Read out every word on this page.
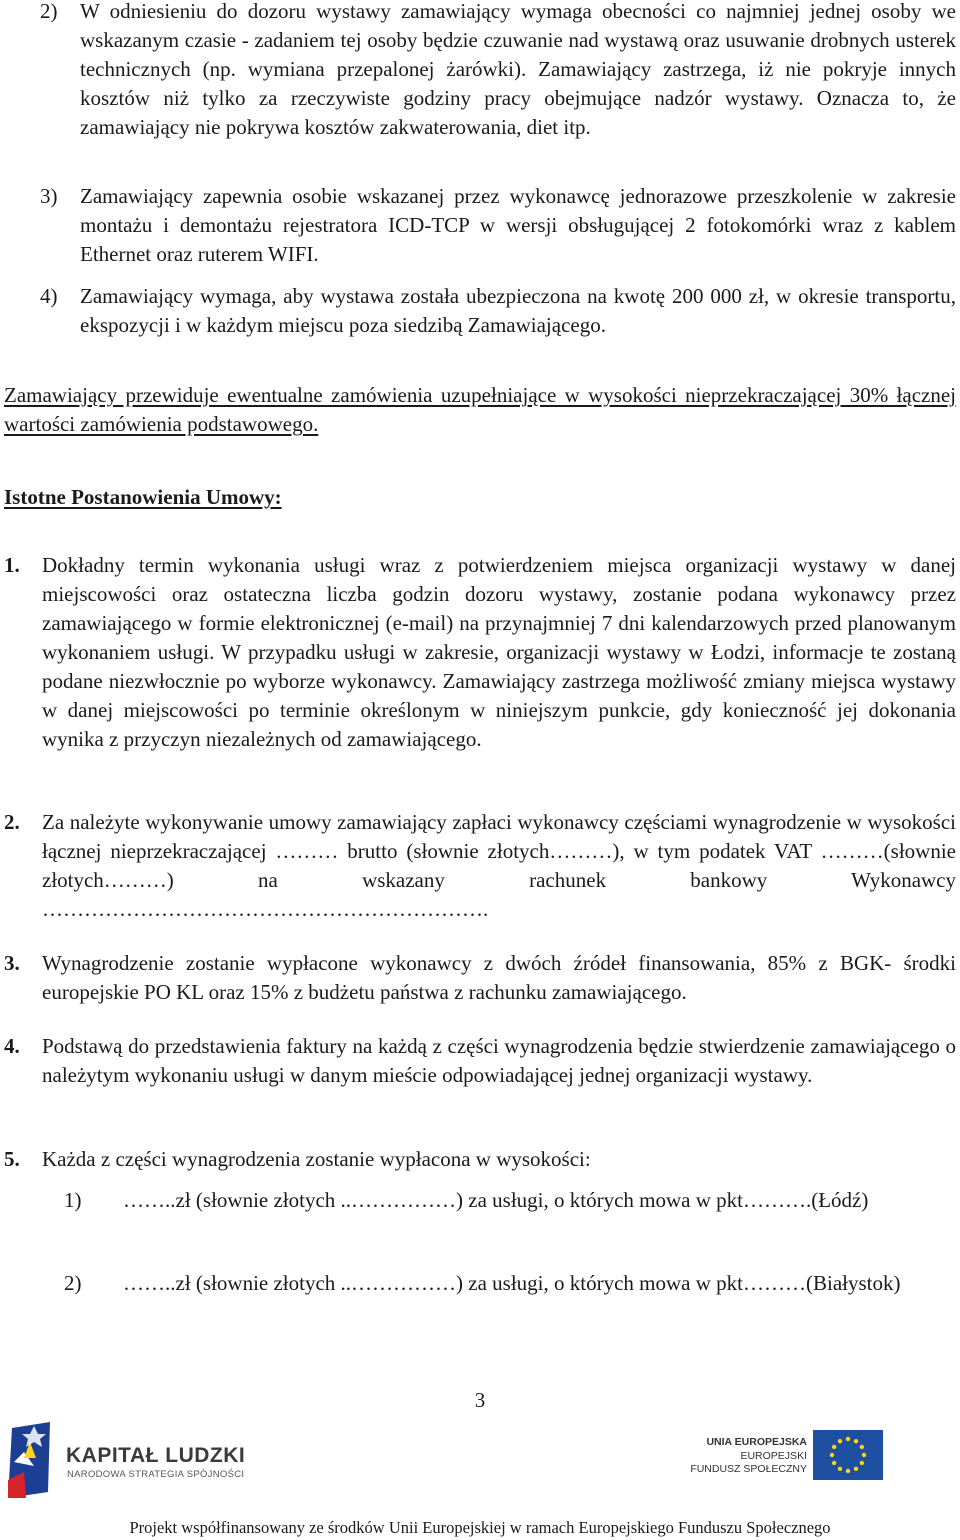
2) W odniesieniu do dozoru wystawy zamawiający wymaga obecności co najmniej jednej osoby we wskazanym czasie - zadaniem tej osoby będzie czuwanie nad wystawą oraz usuwanie drobnych usterek technicznych (np. wymiana przepalonej żarówki). Zamawiający zastrzega, iż nie pokryje innych kosztów niż tylko za rzeczywiste godziny pracy obejmujące nadzór wystawy. Oznacza to, że zamawiający nie pokrywa kosztów zakwaterowania, diet itp.
3) Zamawiający zapewnia osobie wskazanej przez wykonawcę jednorazowe przeszkolenie w zakresie montażu i demontażu rejestratora ICD-TCP w wersji obsługującej 2 fotokomórki wraz z kablem Ethernet oraz ruterem WIFI.
4) Zamawiający wymaga, aby wystawa została ubezpieczona na kwotę 200 000 zł, w okresie transportu, ekspozycji i w każdym miejscu poza siedzibą Zamawiającego.
Zamawiający przewiduje ewentualne zamówienia uzupełniające w wysokości nieprzekraczającej 30% łącznej wartości zamówienia podstawowego.
Istotne Postanowienia Umowy:
1. Dokładny termin wykonania usługi wraz z potwierdzeniem miejsca organizacji wystawy w danej miejscowości oraz ostateczna liczba godzin dozoru wystawy, zostanie podana wykonawcy przez zamawiającego w formie elektronicznej (e-mail) na przynajmniej 7 dni kalendarzowych przed planowanym wykonaniem usługi. W przypadku usługi w zakresie, organizacji wystawy w Łodzi, informacje te zostaną podane niezwłocznie po wyborze wykonawcy. Zamawiający zastrzega możliwość zmiany miejsca wystawy w danej miejscowości po terminie określonym w niniejszym punkcie, gdy konieczność jej dokonania wynika z przyczyn niezależnych od zamawiającego.
2. Za należyte wykonywanie umowy zamawiający zapłaci wykonawcy częściami wynagrodzenie w wysokości łącznej nieprzekraczającej ……… brutto (słownie złotych………), w tym podatek VAT ………(słownie złotych………) na wskazany rachunek bankowy Wykonawcy ……………………………………………………….
3. Wynagrodzenie zostanie wypłacone wykonawcy z dwóch źródeł finansowania, 85% z BGK- środki europejskie PO KL oraz 15% z budżetu państwa z rachunku zamawiającego.
4. Podstawą do przedstawienia faktury na każdą z części wynagrodzenia będzie stwierdzenie zamawiającego o należytym wykonaniu usługi w danym mieście odpowiadającej jednej organizacji wystawy.
5. Każda z części wynagrodzenia zostanie wypłacona w wysokości:
1) ……..zł (słownie złotych ..……………) za usługi, o których mowa w pkt……….(Łódź)
2) ……..zł (słownie złotych ..……………) za usługi, o których mowa w pkt………(Białystok)
3
KAPITAŁ LUDZKI
NARODOWA STRATEGIA SPÓJNOŚCI
UNIA EUROPEJSKA
EUROPEJSKI
FUNDUSZ SPOŁECZNY
Projekt współfinansowany ze środków Unii Europejskiej w ramach Europejskiego Funduszu Społecznego
